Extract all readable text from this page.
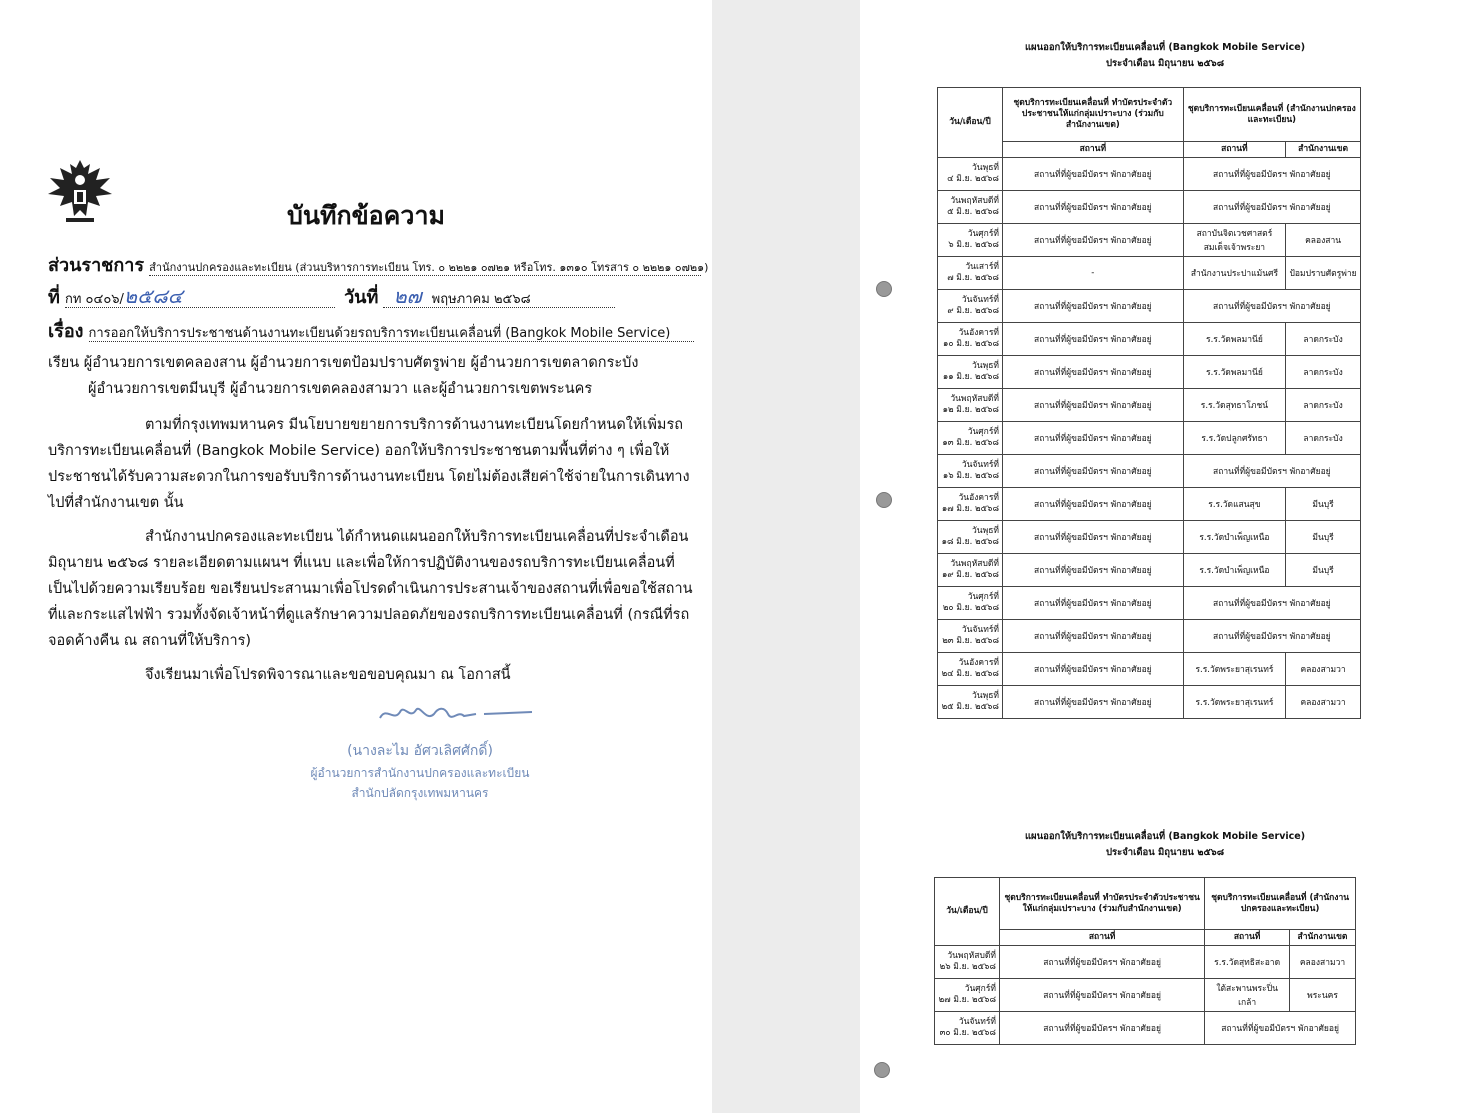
บันทึกข้อความ
ส่วนราชการ สำนักงานปกครองและทะเบียน (ส่วนบริหารการทะเบียน โทร. ๐ ๒๒๒๑ ๐๗๒๑ หรือโทร. ๑๓๑๐ โทรสาร ๐ ๒๒๒๑ ๐๗๒๑)
ที่ กท ๐๔๐๖/๒๕๘๔	วันที่ ๒๗ พฤษภาคม ๒๕๖๘
เรื่อง การออกให้บริการประชาชนด้านงานทะเบียนด้วยรถบริการทะเบียนเคลื่อนที่ (Bangkok Mobile Service)

เรียน ผู้อำนวยการเขตคลองสาน ผู้อำนวยการเขตป้อมปราบศัตรูพ่าย ผู้อำนวยการเขตลาดกระบัง

ผู้อำนวยการเขตมีนบุรี ผู้อำนวยการเขตคลองสามวา และผู้อำนวยการเขตพระนคร

ตามที่กรุงเทพมหานคร มีนโยบายขยายการบริการด้านงานทะเบียนโดยกำหนดให้เพิ่มรถบริการทะเบียนเคลื่อนที่ (Bangkok Mobile Service) ออกให้บริการประชาชนตามพื้นที่ต่าง ๆ เพื่อให้ประชาชนได้รับความสะดวกในการขอรับบริการด้านงานทะเบียน โดยไม่ต้องเสียค่าใช้จ่ายในการเดินทางไปที่สำนักงานเขต นั้น

สำนักงานปกครองและทะเบียน ได้กำหนดแผนออกให้บริการทะเบียนเคลื่อนที่ประจำเดือนมิถุนายน ๒๕๖๘ รายละเอียดตามแผนฯ ที่แนบ และเพื่อให้การปฏิบัติงานของรถบริการทะเบียนเคลื่อนที่เป็นไปด้วยความเรียบร้อย ขอเรียนประสานมาเพื่อโปรดดำเนินการประสานเจ้าของสถานที่เพื่อขอใช้สถานที่และกระแสไฟฟ้า รวมทั้งจัดเจ้าหน้าที่ดูแลรักษาความปลอดภัยของรถบริการทะเบียนเคลื่อนที่ (กรณีที่รถจอดค้างคืน ณ สถานที่ให้บริการ)

จึงเรียนมาเพื่อโปรดพิจารณาและขอขอบคุณมา ณ โอกาสนี้

(นางละไม อัศวเลิศศักดิ์)
ผู้อำนวยการสำนักงานปกครองและทะเบียน
สำนักปลัดกรุงเทพมหานคร
แผนออกให้บริการทะเบียนเคลื่อนที่ (Bangkok Mobile Service)
ประจำเดือน มิถุนายน ๒๕๖๘
วัน/เดือน/ปี	ชุดบริการทะเบียนเคลื่อนที่ ทำบัตรประจำตัวประชาชนให้แก่กลุ่มเปราะบาง (ร่วมกับสำนักงานเขต)	ชุดบริการทะเบียนเคลื่อนที่ (สำนักงานปกครองและทะเบียน)	
	สถานที่	สถานที่	สำนักงานเขต

วันพุธที่
๔ มิ.ย. ๒๕๖๘	สถานที่ที่ผู้ขอมีบัตรฯ พักอาศัยอยู่	สถานที่ที่ผู้ขอมีบัตรฯ พักอาศัยอยู่	

วันพฤหัสบดีที่
๕ มิ.ย. ๒๕๖๘	สถานที่ที่ผู้ขอมีบัตรฯ พักอาศัยอยู่	สถานที่ที่ผู้ขอมีบัตรฯ พักอาศัยอยู่	

วันศุกร์ที่
๖ มิ.ย. ๒๕๖๘	สถานที่ที่ผู้ขอมีบัตรฯ พักอาศัยอยู่	สถาบันจิตเวชศาสตร์สมเด็จเจ้าพระยา	คลองสาน

วันเสาร์ที่
๗ มิ.ย. ๒๕๖๘	-	สำนักงานประปาแม้นศรี	ป้อมปราบศัตรูพ่าย

วันจันทร์ที่
๙ มิ.ย. ๒๕๖๘	สถานที่ที่ผู้ขอมีบัตรฯ พักอาศัยอยู่	สถานที่ที่ผู้ขอมีบัตรฯ พักอาศัยอยู่	

วันอังคารที่
๑๐ มิ.ย. ๒๕๖๘	สถานที่ที่ผู้ขอมีบัตรฯ พักอาศัยอยู่	ร.ร.วัดพลมานีย์	ลาดกระบัง

วันพุธที่
๑๑ มิ.ย. ๒๕๖๘	สถานที่ที่ผู้ขอมีบัตรฯ พักอาศัยอยู่	ร.ร.วัดพลมานีย์	ลาดกระบัง

วันพฤหัสบดีที่
๑๒ มิ.ย. ๒๕๖๘	สถานที่ที่ผู้ขอมีบัตรฯ พักอาศัยอยู่	ร.ร.วัดสุทธาโภชน์	ลาดกระบัง

วันศุกร์ที่
๑๓ มิ.ย. ๒๕๖๘	สถานที่ที่ผู้ขอมีบัตรฯ พักอาศัยอยู่	ร.ร.วัดปลูกศรัทธา	ลาดกระบัง

วันจันทร์ที่
๑๖ มิ.ย. ๒๕๖๘	สถานที่ที่ผู้ขอมีบัตรฯ พักอาศัยอยู่	สถานที่ที่ผู้ขอมีบัตรฯ พักอาศัยอยู่	

วันอังคารที่
๑๗ มิ.ย. ๒๕๖๘	สถานที่ที่ผู้ขอมีบัตรฯ พักอาศัยอยู่	ร.ร.วัดแสนสุข	มีนบุรี

วันพุธที่
๑๘ มิ.ย. ๒๕๖๘	สถานที่ที่ผู้ขอมีบัตรฯ พักอาศัยอยู่	ร.ร.วัดบำเพ็ญเหนือ	มีนบุรี

วันพฤหัสบดีที่
๑๙ มิ.ย. ๒๕๖๘	สถานที่ที่ผู้ขอมีบัตรฯ พักอาศัยอยู่	ร.ร.วัดบำเพ็ญเหนือ	มีนบุรี

วันศุกร์ที่
๒๐ มิ.ย. ๒๕๖๘	สถานที่ที่ผู้ขอมีบัตรฯ พักอาศัยอยู่	สถานที่ที่ผู้ขอมีบัตรฯ พักอาศัยอยู่	

วันจันทร์ที่
๒๓ มิ.ย. ๒๕๖๘	สถานที่ที่ผู้ขอมีบัตรฯ พักอาศัยอยู่	สถานที่ที่ผู้ขอมีบัตรฯ พักอาศัยอยู่	

วันอังคารที่
๒๔ มิ.ย. ๒๕๖๘	สถานที่ที่ผู้ขอมีบัตรฯ พักอาศัยอยู่	ร.ร.วัดพระยาสุเรนทร์	คลองสามวา

วันพุธที่
๒๕ มิ.ย. ๒๕๖๘	สถานที่ที่ผู้ขอมีบัตรฯ พักอาศัยอยู่	ร.ร.วัดพระยาสุเรนทร์	คลองสามวา
แผนออกให้บริการทะเบียนเคลื่อนที่ (Bangkok Mobile Service)
ประจำเดือน มิถุนายน ๒๕๖๘
วัน/เดือน/ปี	ชุดบริการทะเบียนเคลื่อนที่ ทำบัตรประจำตัวประชาชนให้แก่กลุ่มเปราะบาง (ร่วมกับสำนักงานเขต)	ชุดบริการทะเบียนเคลื่อนที่ (สำนักงานปกครองและทะเบียน)	
	สถานที่	สถานที่	สำนักงานเขต

วันพฤหัสบดีที่
๒๖ มิ.ย. ๒๕๖๘	สถานที่ที่ผู้ขอมีบัตรฯ พักอาศัยอยู่	ร.ร.วัดสุทธิสะอาด	คลองสามวา

วันศุกร์ที่
๒๗ มิ.ย. ๒๕๖๘	สถานที่ที่ผู้ขอมีบัตรฯ พักอาศัยอยู่	ใต้สะพานพระปิ่นเกล้า	พระนคร

วันจันทร์ที่
๓๐ มิ.ย. ๒๕๖๘	สถานที่ที่ผู้ขอมีบัตรฯ พักอาศัยอยู่	สถานที่ที่ผู้ขอมีบัตรฯ พักอาศัยอยู่	
